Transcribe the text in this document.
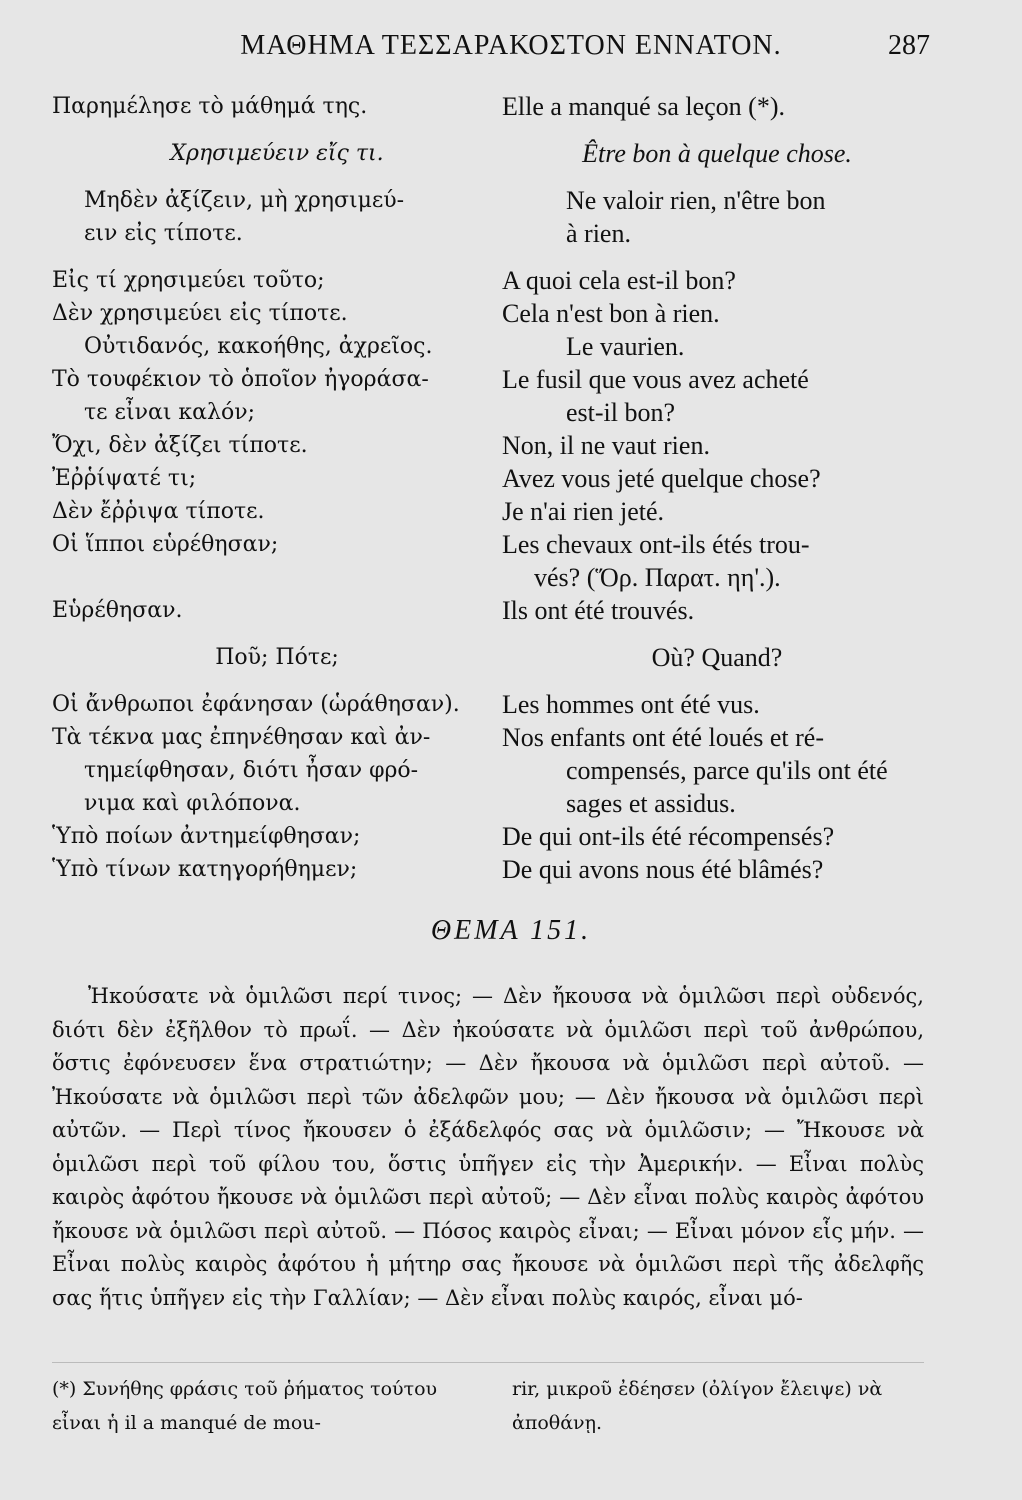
ΜΑΘΗΜΑ ΤΕΣΣΑΡΑΚΟΣΤΟΝ ΕΝΝΑΤΟΝ.	287
Παρημέλησε τὸ μάθημά της.	Elle a manqué sa leçon (*).
Χρησιμεύειν εἴς τι.	Être bon à quelque chose.
Μηδὲν ἀξίζειν, μὴ χρησιμεύ-	Ne valoir rien, n'être bon
ειν εἰς τίποτε.	à rien.
Εἰς τί χρησιμεύει τοῦτο;	A quoi cela est-il bon?
Δὲν χρησιμεύει εἰς τίποτε.	Cela n'est bon à rien.
Οὐτιδανός, κακοήθης, ἀχρεῖος.	Le vaurien.
Τὸ τουφέκιον τὸ ὁποῖον ἠγοράσα-	Le fusil que vous avez acheté
τε εἶναι καλόν;	est-il bon?
Ὄχι, δὲν ἀξίζει τίποτε.	Non, il ne vaut rien.
Ἐῤῥίψατέ τι;	Avez vous jeté quelque chose?
Δὲν ἔῤῥιψα τίποτε.	Je n'ai rien jeté.
Οἱ ἵπποι εὑρέθησαν;	Les chevaux ont-ils étés trou-
vés? (Ὅρ. Παρατ. ηη'.).
Εὑρέθησαν.	Ils ont été trouvés.
Ποῦ; Πότε;	Où? Quand?
Οἱ ἄνθρωποι ἐφάνησαν (ὡράθησαν).	Les hommes ont été vus.
Τὰ τέκνα μας ἐπηνέθησαν καὶ ἀν-	Nos enfants ont été loués et ré-
τημείφθησαν, διότι ἦσαν φρό-	compensés, parce qu'ils ont été
νιμα καὶ φιλόπονα.	sages et assidus.
Ὑπὸ ποίων ἀντημείφθησαν;	De qui ont-ils été récompensés?
Ὑπὸ τίνων κατηγορήθημεν;	De qui avons nous été blâmés?
ΘΕΜΑ 151.
Ἠκούσατε νὰ ὁμιλῶσι περί τινος; — Δὲν ἤκουσα νὰ ὁμιλῶσι περὶ οὐδενός, διότι δὲν ἐξῆλθον τὸ πρωΐ. — Δὲν ἠκούσατε νὰ ὁμιλῶσι περὶ τοῦ ἀνθρώπου, ὅστις ἐφόνευσεν ἕνα στρατιώτην; — Δὲν ἤκουσα νὰ ὁμιλῶσι περὶ αὐτοῦ. — Ἠκούσατε νὰ ὁμιλῶσι περὶ τῶν ἀδελφῶν μου; — Δὲν ἤκουσα νὰ ὁμιλῶσι περὶ αὐτῶν. — Περὶ τίνος ἤκουσεν ὁ ἐξάδελφός σας νὰ ὁμιλῶσιν; — Ἤκουσε νὰ ὁμιλῶσι περὶ τοῦ φίλου του, ὅστις ὑπῆγεν εἰς τὴν Ἀμερικήν. — Εἶναι πολὺς καιρὸς ἀφότου ἤκουσε νὰ ὁμιλῶσι περὶ αὐτοῦ; — Δὲν εἶναι πολὺς καιρὸς ἀφότου ἤκουσε νὰ ὁμιλῶσι περὶ αὐτοῦ. — Πόσος καιρὸς εἶναι; — Εἶναι μόνον εἷς μήν. — Εἶναι πολὺς καιρὸς ἀφότου ἡ μήτηρ σας ἤκουσε νὰ ὁμιλῶσι περὶ τῆς ἀδελφῆς σας ἥτις ὑπῆγεν εἰς τὴν Γαλλίαν; — Δὲν εἶναι πολὺς καιρός, εἶναι μό-
(*) Συνήθης φράσις τοῦ ῥήματος τούτου εἶναι ἡ il a manqué de mou-
rir, μικροῦ ἐδέησεν (ὀλίγον ἔλειψε) νὰ ἀποθάνῃ.
